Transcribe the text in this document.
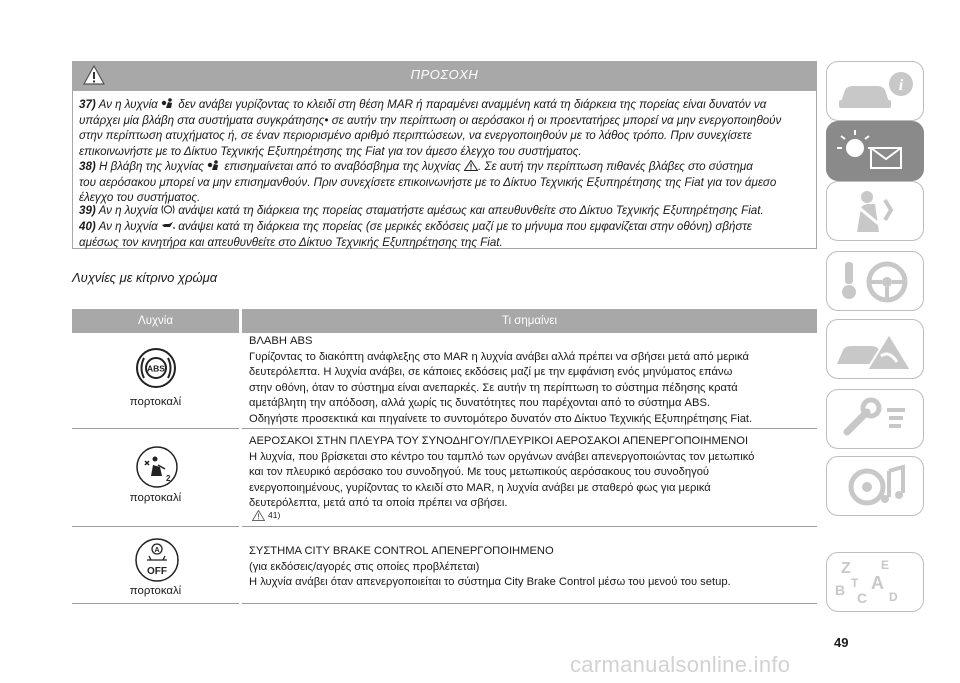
ΠΡΟΣΟΧΗ

37) Αν η λυχνία δεν ανάβει γυρίζοντας το κλειδί στη θέση MAR ή παραμένει αναμμένη κατά τη διάρκεια της πορείας είναι δυνατόν να

υπάρχει μία βλάβη στα συστήματα συγκράτησης• σε αυτήν την περίπτωση οι αερόσακοι ή οι προεντατήρες μπορεί να μην ενεργοποιηθούν

στην περίπτωση ατυχήματος ή, σε έναν περιορισμένο αριθμό περιπτώσεων, να ενεργοποιηθούν με το λάθος τρόπο. Πριν συνεχίσετε

επικοινωνήστε με το Δίκτυο Τεχνικής Εξυπηρέτησης της Fiat για τον άμεσο έλεγχο του συστήματος.

38) Η βλάβη της λυχνίας επισημαίνεται από το αναβόσβημα της λυχνίας . Σε αυτή την περίπτωση πιθανές βλάβες στο σύστημα

του αερόσακου μπορεί να μην επισημανθούν. Πριν συνεχίσετε επικοινωνήστε με το Δίκτυο Τεχνικής Εξυπηρέτησης της Fiat για τον άμεσο

έλεγχο του συστήματος.

39) Αν η λυχνία ανάψει κατά τη διάρκεια της πορείας σταματήστε αμέσως και απευθυνθείτε στο Δίκτυο Τεχνικής Εξυπηρέτησης Fiat.

40) Αν η λυχνία ανάψει κατά τη διάρκεια της πορείας (σε μερικές εκδόσεις μαζί με το μήνυμα που εμφανίζεται στην οθόνη) σβήστε

αμέσως τον κινητήρα και απευθυνθείτε στο Δίκτυο Τεχνικής Εξυπηρέτησης της Fiat.

Λυχνίες με κίτρινο χρώμα
Λυχνία	Τι σημαίνει
ABS
πορτοκαλί
ΒΛΑΒΗ ABS
Γυρίζοντας το διακόπτη ανάφλεξης στο MAR η λυχνία ανάβει αλλά πρέπει να σβήσει μετά από μερικά
δευτερόλεπτα. Η λυχνία ανάβει, σε κάποιες εκδόσεις μαζί με την εμφάνιση ενός μηνύματος επάνω
στην οθόνη, όταν το σύστημα είναι ανεπαρκές. Σε αυτήν τη περίπτωση το σύστημα πέδησης κρατά
αμετάβλητη την απόδοση, αλλά χωρίς τις δυνατότητες που παρέχονται από το σύστημα ABS.
Οδηγήστε προσεκτικά και πηγαίνετε το συντομότερο δυνατόν στο Δίκτυο Τεχνικής Εξυπηρέτησης Fiat.
2
πορτοκαλί
ΑΕΡΟΣΑΚΟΙ ΣΤΗΝ ΠΛΕΥΡΑ ΤΟΥ ΣΥΝΟΔΗΓΟΥ/ΠΛΕΥΡΙΚΟΙ ΑΕΡΟΣΑΚΟΙ ΑΠΕΝΕΡΓΟΠΟΙΗΜΕΝΟΙ
Η λυχνία, που βρίσκεται στο κέντρο του ταμπλό των οργάνων ανάβει απενεργοποιώντας τον μετωπικό
και τον πλευρικό αερόσακο του συνοδηγού. Με τους μετωπικούς αερόσακους του συνοδηγού
ενεργοποιημένους, γυρίζοντας το κλειδί στο MAR, η λυχνία ανάβει με σταθερό φως για μερικά
δευτερόλεπτα, μετά από τα οποία πρέπει να σβήσει.
41)
A
OFF
πορτοκαλί
ΣΥΣΤΗΜΑ CITY BRAKE CONTROL ΑΠΕΝΕΡΓΟΠΟΙΗΜΕΝΟ
(για εκδόσεις/αγορές στις οποίες προβλέπεται)
Η λυχνία ανάβει όταν απενεργοποιείται το σύστημα City Brake Control μέσω του μενού του setup.
i
Z	E
A
B C D
T
49
carmanualsonline.info
